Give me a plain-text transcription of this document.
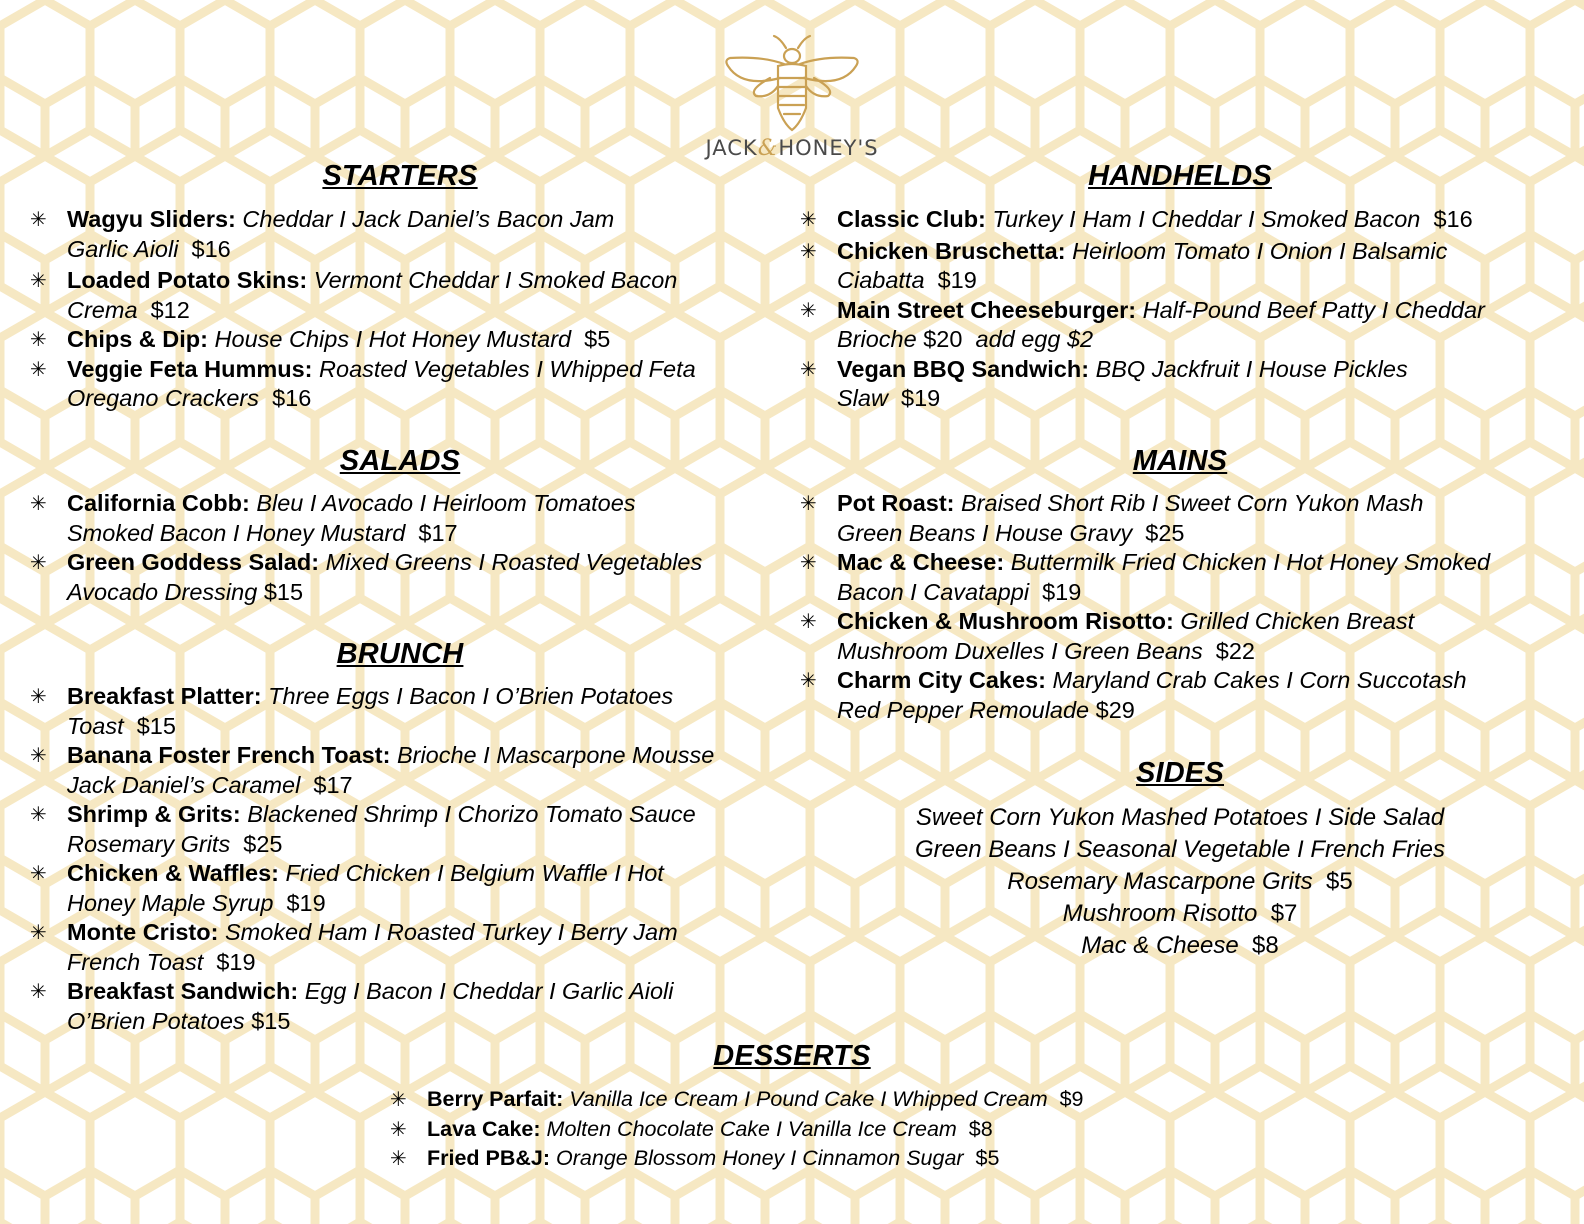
JACK&HONEY'S
STARTERS
✳ Wagyu Sliders: Cheddar I Jack Daniel’s Bacon Jam
Garlic Aioli $16
✳ Loaded Potato Skins: Vermont Cheddar I Smoked Bacon
Crema $12
✳ Chips & Dip: House Chips I Hot Honey Mustard $5
✳ Veggie Feta Hummus: Roasted Vegetables I Whipped Feta
Oregano Crackers $16
SALADS
✳ California Cobb: Bleu I Avocado I Heirloom Tomatoes
Smoked Bacon I Honey Mustard $17
✳ Green Goddess Salad: Mixed Greens I Roasted Vegetables
Avocado Dressing $15
BRUNCH
✳ Breakfast Platter: Three Eggs I Bacon I O’Brien Potatoes
Toast $15
✳ Banana Foster French Toast: Brioche I Mascarpone Mousse
Jack Daniel’s Caramel $17
✳ Shrimp & Grits: Blackened Shrimp I Chorizo Tomato Sauce
Rosemary Grits $25
✳ Chicken & Waffles: Fried Chicken I Belgium Waffle I Hot
Honey Maple Syrup $19
✳ Monte Cristo: Smoked Ham I Roasted Turkey I Berry Jam
French Toast $19
✳ Breakfast Sandwich: Egg I Bacon I Cheddar I Garlic Aioli
O’Brien Potatoes $15
HANDHELDS
✳ Classic Club: Turkey I Ham I Cheddar I Smoked Bacon $16
✳ Chicken Bruschetta: Heirloom Tomato I Onion I Balsamic
Ciabatta $19
✳ Main Street Cheeseburger: Half-Pound Beef Patty I Cheddar
Brioche $20 add egg $2
✳ Vegan BBQ Sandwich: BBQ Jackfruit I House Pickles
Slaw $19
MAINS
✳ Pot Roast: Braised Short Rib I Sweet Corn Yukon Mash
Green Beans I House Gravy $25
✳ Mac & Cheese: Buttermilk Fried Chicken I Hot Honey Smoked
Bacon I Cavatappi $19
✳ Chicken & Mushroom Risotto: Grilled Chicken Breast
Mushroom Duxelles I Green Beans $22
✳ Charm City Cakes: Maryland Crab Cakes I Corn Succotash
Red Pepper Remoulade $29
SIDES
Sweet Corn Yukon Mashed Potatoes I Side Salad
Green Beans I Seasonal Vegetable I French Fries
Rosemary Mascarpone Grits $5
Mushroom Risotto $7
Mac & Cheese $8
DESSERTS
✳ Berry Parfait: Vanilla Ice Cream I Pound Cake I Whipped Cream $9
✳ Lava Cake: Molten Chocolate Cake I Vanilla Ice Cream $8
✳ Fried PB&J: Orange Blossom Honey I Cinnamon Sugar $5
